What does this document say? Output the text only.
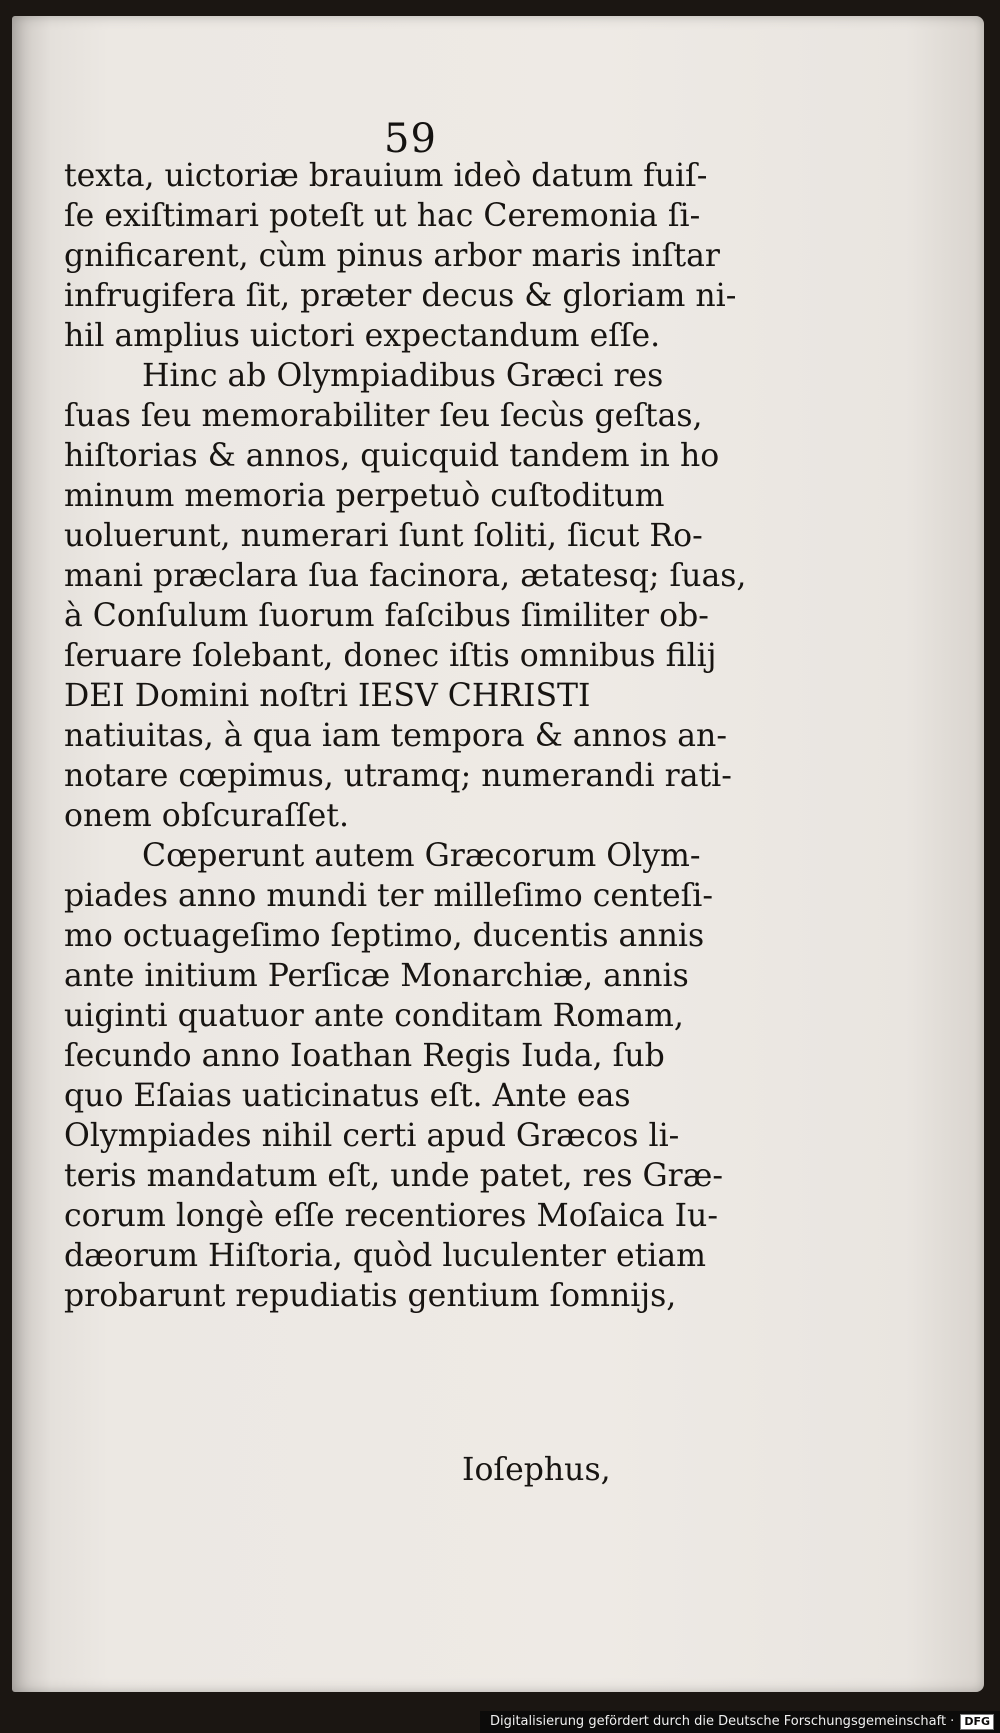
59
texta, uictoriæ brauium ideò datum fuiſ-
ſe exiſtimari poteſt ut hac Ceremonia ſi-
gnificarent, cùm pinus arbor maris inſtar
infrugifera ſit, præter decus & gloriam ni-
hil amplius uictori expectandum eſſe.
Hinc ab Olympiadibus Græci res
ſuas ſeu memorabiliter ſeu ſecùs geſtas,
hiſtorias & annos, quicquid tandem in ho
minum memoria perpetuò cuſtoditum
uoluerunt, numerari ſunt ſoliti, ſicut Ro-
mani præclara ſua facinora, ætatesq; ſuas,
à Conſulum ſuorum faſcibus ſimiliter ob-
ſeruare ſolebant, donec iſtis omnibus filij
DEI Domini noſtri IESV CHRISTI
natiuitas, à qua iam tempora & annos an-
notare cœpimus, utramq; numerandi rati-
onem obſcuraſſet.
Cœperunt autem Græcorum Olym-
piades anno mundi ter milleſimo centeſi-
mo octuageſimo ſeptimo, ducentis annis
ante initium Perſicæ Monarchiæ, annis
uiginti quatuor ante conditam Romam,
ſecundo anno Ioathan Regis Iuda, ſub
quo Eſaias uaticinatus eſt. Ante eas
Olympiades nihil certi apud Græcos li-
teris mandatum eſt, unde patet, res Græ-
corum longè eſſe recentiores Moſaica Iu-
dæorum Hiſtoria, quòd luculenter etiam
probarunt repudiatis gentium ſomnijs,
Ioſephus,
Digitalisierung gefördert durch die Deutsche Forschungsgemeinschaft · DFG
